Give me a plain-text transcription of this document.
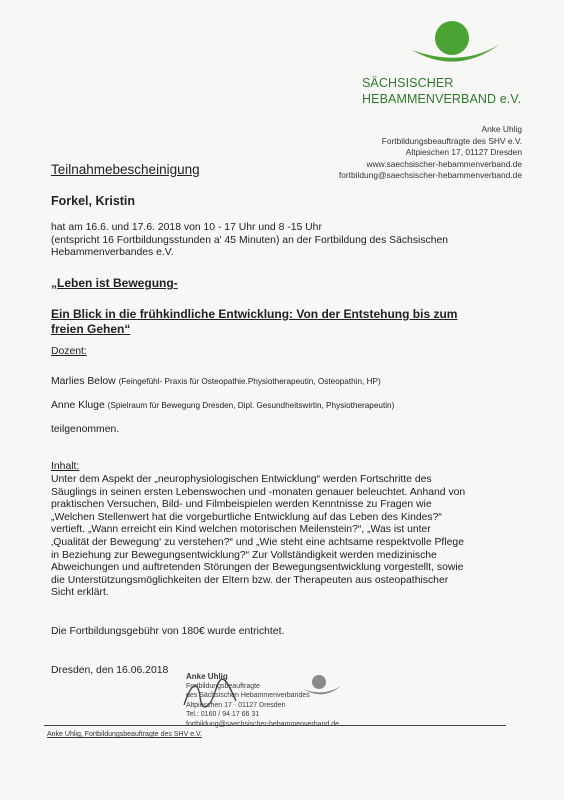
SÄCHSISCHER
HEBAMMENVERBAND e.V.
Anke Uhlig
Fortbildungsbeauftragte des SHV e.V.
Altpieschen 17, 01127 Dresden
www.saechsischer-hebammenverband.de
fortbildung@saechsischer-hebammenverband.de
Teilnahmebescheinigung
Forkel, Kristin
hat am 16.6. und 17.6. 2018 von 10 - 17 Uhr und 8 -15 Uhr
(entspricht 16 Fortbildungsstunden a' 45 Minuten) an der Fortbildung des Sächsischen
Hebammenverbandes e.V.
„Leben ist Bewegung-
Ein Blick in die frühkindliche Entwicklung: Von der Entstehung bis zum
freien Gehen“
Dozent:
Marlies Below (Feingefühl- Praxis für Osteopathie.Physiotherapeutin, Osteopathin, HP)
Anne Kluge (Spielraum für Bewegung Dresden, Dipl. Gesundheitswirtin, Physiotherapeutin)
teilgenommen.
Inhalt:
Unter dem Aspekt der „neurophysiologischen Entwicklung“ werden Fortschritte des
Säuglings in seinen ersten Lebenswochen und -monaten genauer beleuchtet. Anhand von
praktischen Versuchen, Bild- und Filmbeispielen werden Kenntnisse zu Fragen wie
„Welchen Stellenwert hat die vorgeburtliche Entwicklung auf das Leben des Kindes?“
vertieft. „Wann erreicht ein Kind welchen motorischen Meilenstein?“, „Was ist unter
‚Qualität der Bewegung‘ zu verstehen?“ und „Wie steht eine achtsame respektvolle Pflege
in Beziehung zur Bewegungsentwicklung?“ Zur Vollständigkeit werden medizinische
Abweichungen und auftretenden Störungen der Bewegungsentwicklung vorgestellt, sowie
die Unterstützungsmöglichkeiten der Eltern bzw. der Therapeuten aus osteopathischer
Sicht erklärt.
Die Fortbildungsgebühr von 180€ wurde entrichtet.
Dresden, den 16.06.2018
Anke Uhlig
Fortbildungsbeauftragte
des Sächsischen Hebammenverbandes
Altpieschen 17 · 01127 Dresden
Tel.: 0160 / 94 17 66 31
fortbildung@saechsischer-hebammenverband.de
Anke Uhlig, Fortbildungsbeauftragte des SHV e.V.
